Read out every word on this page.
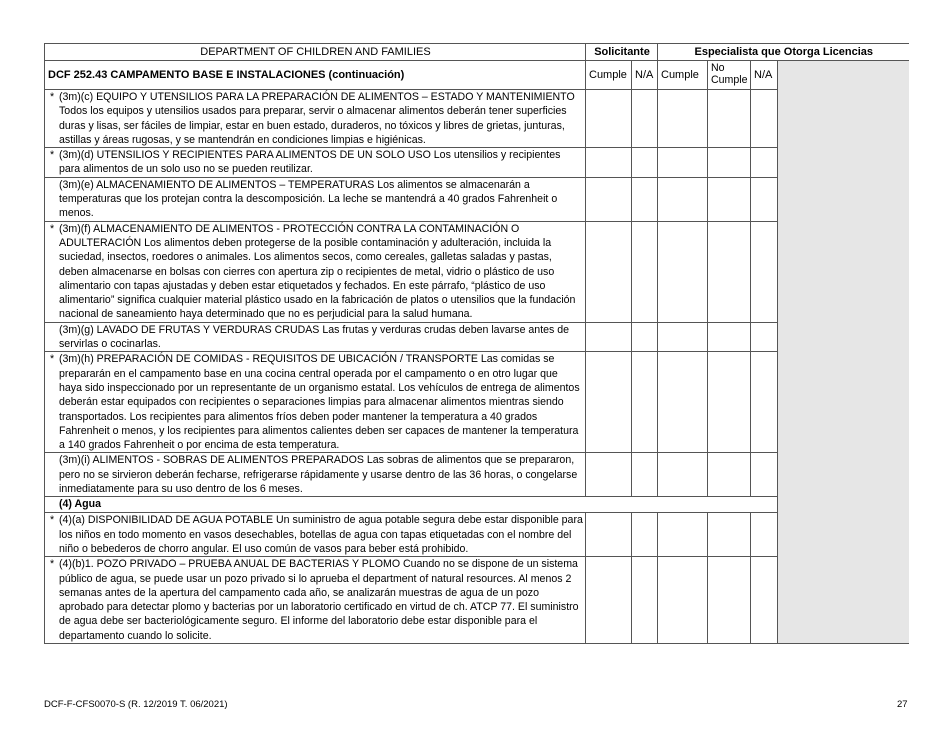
DEPARTMENT OF CHILDREN AND FAMILIES	Solicitante		Especialista que Otorga Licencias			
DCF 252.43 CAMPAMENTO BASE E INSTALACIONES (continuación)	Cumple	N/A	Cumple	No Cumple	N/A	
* (3m)(c) EQUIPO Y UTENSILIOS PARA LA PREPARACIÓN DE ALIMENTOS – ESTADO Y MANTENIMIENTO Todos los equipos y utensilios usados para preparar, servir o almacenar alimentos deberán tener superficies duras y lisas, ser fáciles de limpiar, estar en buen estado, duraderos, no tóxicos y libres de grietas, junturas, astillas y áreas rugosas, y se mantendrán en condiciones limpias e higiénicas.						
* (3m)(d) UTENSILIOS Y RECIPIENTES PARA ALIMENTOS DE UN SOLO USO Los utensilios y recipientes para alimentos de un solo uso no se pueden reutilizar.						
(3m)(e) ALMACENAMIENTO DE ALIMENTOS – TEMPERATURAS Los alimentos se almacenarán a temperaturas que los protejan contra la descomposición. La leche se mantendrá a 40 grados Fahrenheit o menos.						
* (3m)(f) ALMACENAMIENTO DE ALIMENTOS - PROTECCIÓN CONTRA LA CONTAMINACIÓN O ADULTERACIÓN Los alimentos deben protegerse de la posible contaminación y adulteración, incluida la suciedad, insectos, roedores o animales. Los alimentos secos, como cereales, galletas saladas y pastas, deben almacenarse en bolsas con cierres con apertura zip o recipientes de metal, vidrio o plástico de uso alimentario con tapas ajustadas y deben estar etiquetados y fechados. En este párrafo, “plástico de uso alimentario” significa cualquier material plástico usado en la fabricación de platos o utensilios que la fundación nacional de saneamiento haya determinado que no es perjudicial para la salud humana.						
(3m)(g) LAVADO DE FRUTAS Y VERDURAS CRUDAS Las frutas y verduras crudas deben lavarse antes de servirlas o cocinarlas.						
* (3m)(h) PREPARACIÓN DE COMIDAS - REQUISITOS DE UBICACIÓN / TRANSPORTE Las comidas se prepararán en el campamento base en una cocina central operada por el campamento o en otro lugar que haya sido inspeccionado por un representante de un organismo estatal. Los vehículos de entrega de alimentos deberán estar equipados con recipientes o separaciones limpias para almacenar alimentos mientras siendo transportados. Los recipientes para alimentos fríos deben poder mantener la temperatura a 40 grados Fahrenheit o menos, y los recipientes para alimentos calientes deben ser capaces de mantener la temperatura a 140 grados Fahrenheit o por encima de esta temperatura.						
(3m)(i) ALIMENTOS - SOBRAS DE ALIMENTOS PREPARADOS Las sobras de alimentos que se prepararon, pero no se sirvieron deberán fecharse, refrigerarse rápidamente y usarse dentro de las 36 horas, o congelarse inmediatamente para su uso dentro de los 6 meses.						
(4) Agua						
* (4)(a) DISPONIBILIDAD DE AGUA POTABLE Un suministro de agua potable segura debe estar disponible para los niños en todo momento en vasos desechables, botellas de agua con tapas etiquetadas con el nombre del niño o bebederos de chorro angular. El uso común de vasos para beber está prohibido.						
* (4)(b)1. POZO PRIVADO – PRUEBA ANUAL DE BACTERIAS Y PLOMO Cuando no se dispone de un sistema público de agua, se puede usar un pozo privado si lo aprueba el department of natural resources. Al menos 2 semanas antes de la apertura del campamento cada año, se analizarán muestras de agua de un pozo aprobado para detectar plomo y bacterias por un laboratorio certificado en virtud de ch. ATCP 77. El suministro de agua debe ser bacteriológicamente seguro. El informe del laboratorio debe estar disponible para el departamento cuando lo solicite.						
DCF-F-CFS0070-S (R. 12/2019 T. 06/2021)	27
